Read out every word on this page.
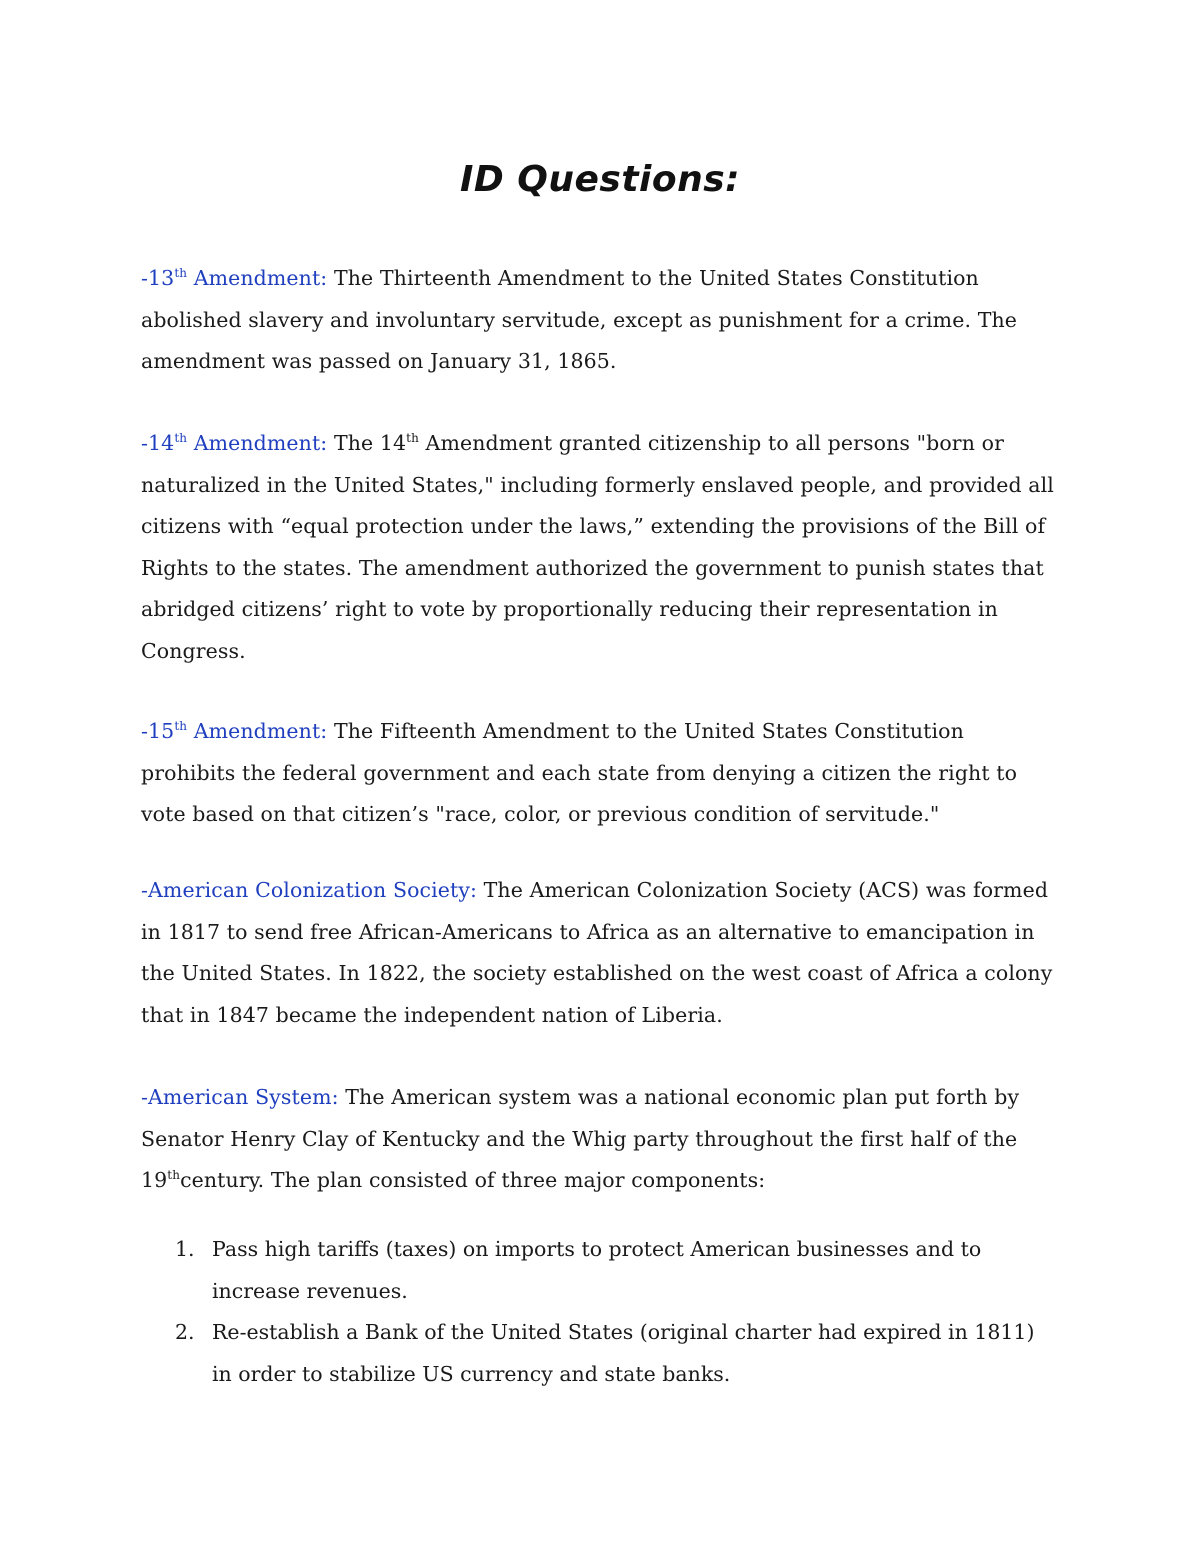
ID Questions:

-13th Amendment: The Thirteenth Amendment to the United States Constitution abolished slavery and involuntary servitude, except as punishment for a crime. The amendment was passed on January 31, 1865.

-14th Amendment: The 14th Amendment granted citizenship to all persons "born or naturalized in the United States," including formerly enslaved people, and provided all citizens with “equal protection under the laws,” extending the provisions of the Bill of Rights to the states. The amendment authorized the government to punish states that abridged citizens’ right to vote by proportionally reducing their representation in Congress.

-15th Amendment: The Fifteenth Amendment to the United States Constitution prohibits the federal government and each state from denying a citizen the right to vote based on that citizen’s "race, color, or previous condition of servitude."

-American Colonization Society: The American Colonization Society (ACS) was formed in 1817 to send free African-Americans to Africa as an alternative to emancipation in the United States. In 1822, the society established on the west coast of Africa a colony that in 1847 became the independent nation of Liberia.

-American System: The American system was a national economic plan put forth by Senator Henry Clay of Kentucky and the Whig party throughout the first half of the 19thcentury. The plan consisted of three major components:

1. Pass high tariffs (taxes) on imports to protect American businesses and to increase revenues.
2. Re-establish a Bank of the United States (original charter had expired in 1811) in order to stabilize US currency and state banks.
